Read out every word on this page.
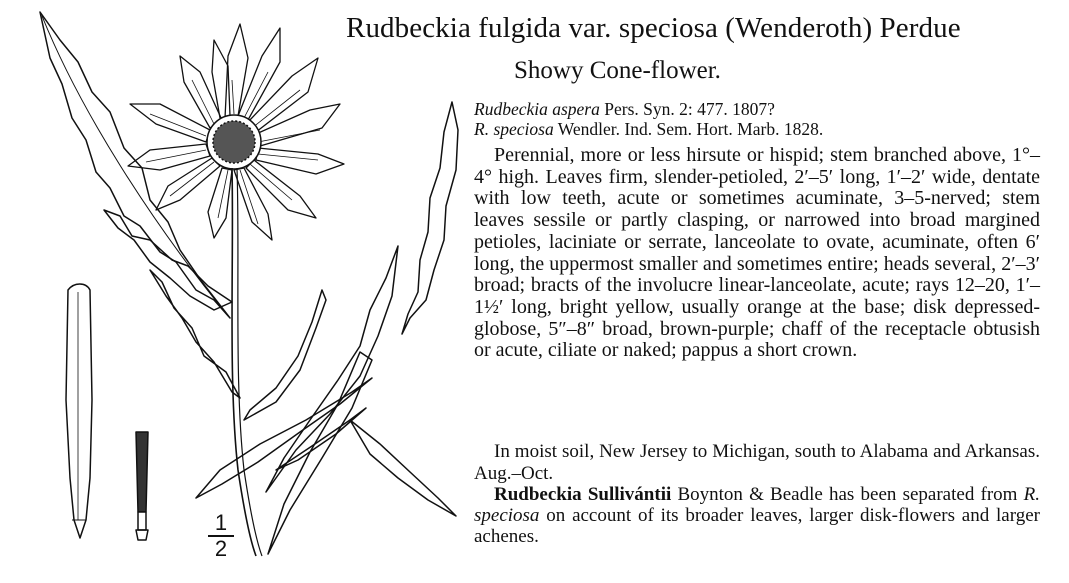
Rudbeckia fulgida var. speciosa (Wenderoth) Perdue
Showy Cone-flower.
Rudbeckia aspera Pers. Syn. 2: 477. 1807?
R. speciosa Wendler. Ind. Sem. Hort. Marb. 1828.

Perennial, more or less hirsute or hispid; stem branched above, 1°–4° high. Leaves firm, slender-petioled, 2′–5′ long, 1′–2′ wide, dentate with low teeth, acute or sometimes acuminate, 3–5-nerved; stem leaves sessile or partly clasping, or narrowed into broad margined petioles, laciniate or serrate, lanceolate to ovate, acuminate, often 6′ long, the uppermost smaller and sometimes entire; heads several, 2′–3′ broad; bracts of the involucre linear-lanceolate, acute; rays 12–20, 1′–1½′ long, bright yellow, usually orange at the base; disk depressed-globose, 5″–8″ broad, brown-purple; chaff of the receptacle obtusish or acute, ciliate or naked; pappus a short crown.

In moist soil, New Jersey to Michigan, south to Alabama and Arkansas. Aug.–Oct.

Rudbeckia Sullivántii Boynton & Beadle has been separated from R. speciosa on account of its broader leaves, larger disk-flowers and larger achenes.

1
2
